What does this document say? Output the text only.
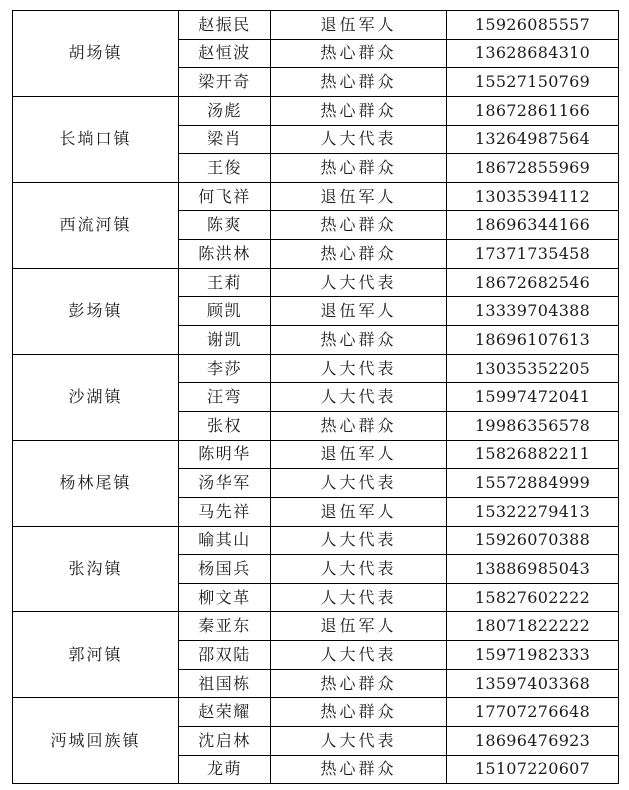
胡场镇	赵振民	退伍军人	15926085557
	赵恒波	热心群众	13628684310
	梁开奇	热心群众	15527150769
长埫口镇	汤彪	热心群众	18672861166
	梁肖	人大代表	13264987564
	王俊	热心群众	18672855969
西流河镇	何飞祥	退伍军人	13035394112
	陈爽	热心群众	18696344166
	陈洪林	热心群众	17371735458
彭场镇	王莉	人大代表	18672682546
	顾凯	退伍军人	13339704388
	谢凯	热心群众	18696107613
沙湖镇	李莎	人大代表	13035352205
	汪弯	人大代表	15997472041
	张权	热心群众	19986356578
杨林尾镇	陈明华	退伍军人	15826882211
	汤华军	人大代表	15572884999
	马先祥	退伍军人	15322279413
张沟镇	喻其山	人大代表	15926070388
	杨国兵	人大代表	13886985043
	柳文革	人大代表	15827602222
郭河镇	秦亚东	退伍军人	18071822222
	邵双陆	人大代表	15971982333
	祖国栋	热心群众	13597403368
沔城回族镇	赵荣耀	热心群众	17707276648
	沈启林	人大代表	18696476923
	龙萌	热心群众	15107220607
